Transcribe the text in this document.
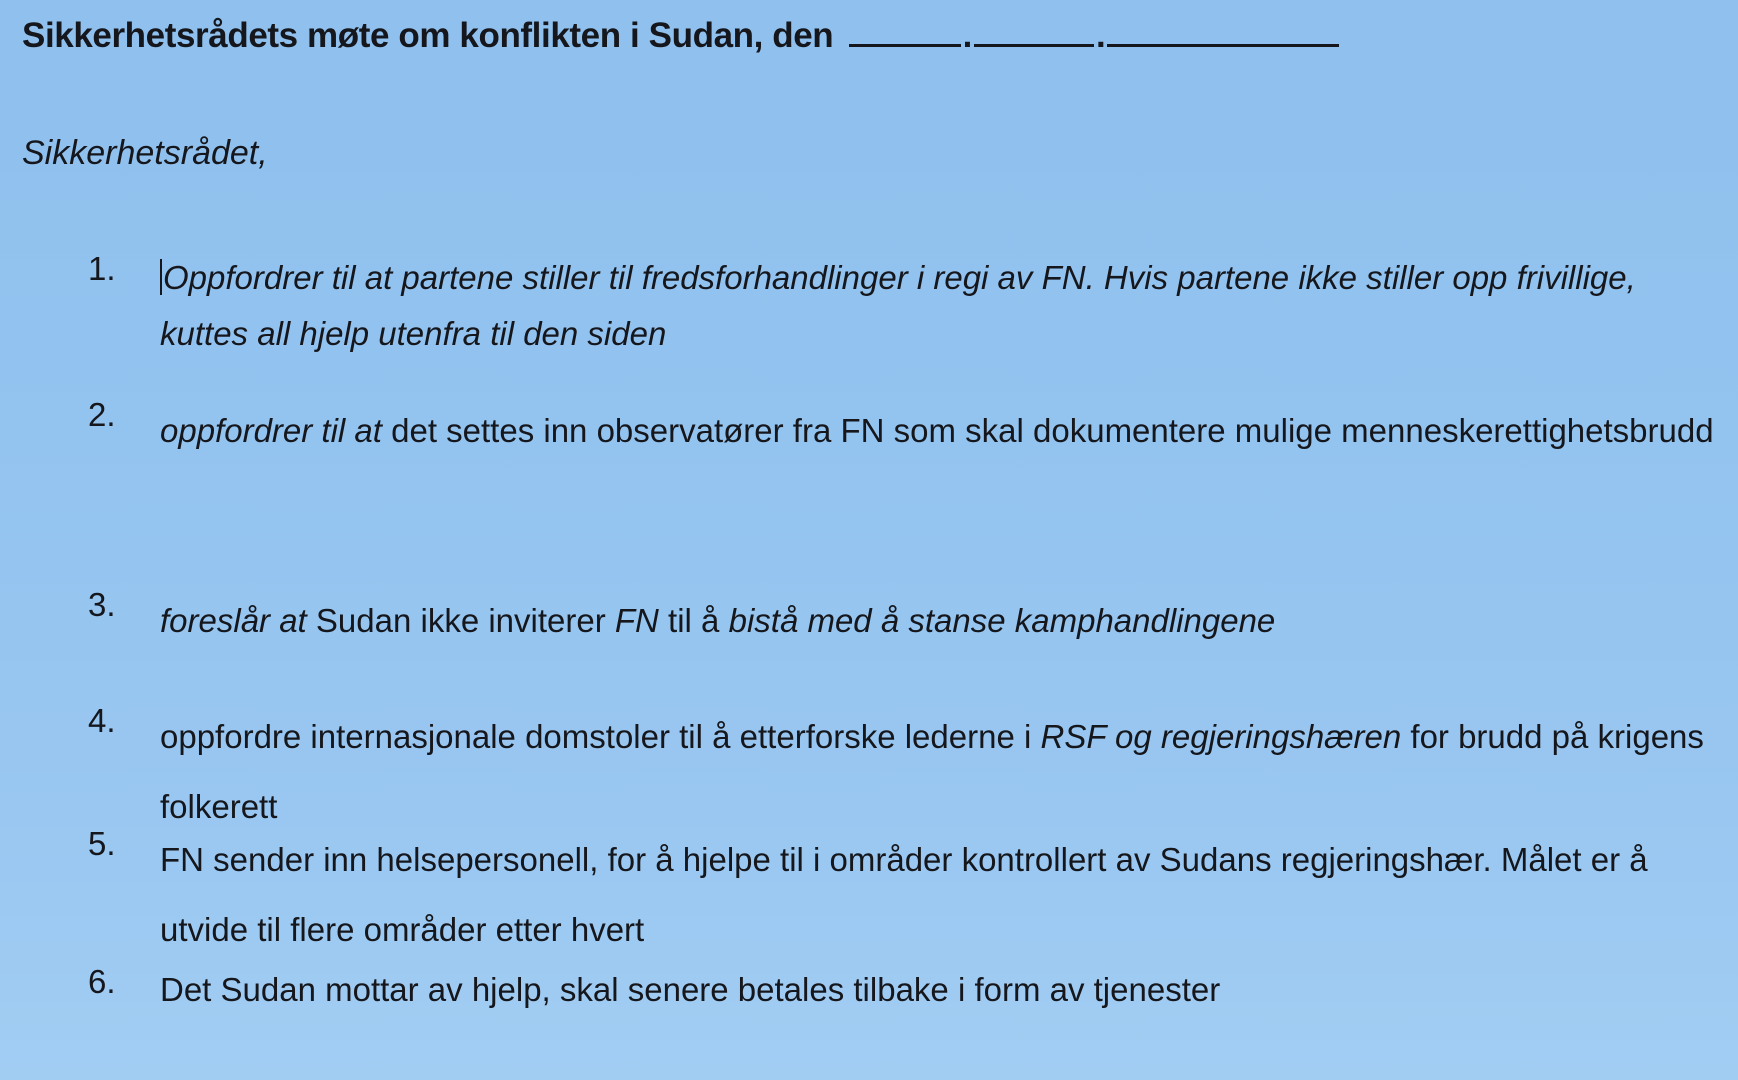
Sikkerhetsrådets møte om konflikten i Sudan, den	.	.
Sikkerhetsrådet,
1.	Oppfordrer til at partene stiller til fredsforhandlinger i regi av FN. Hvis partene ikke stiller opp frivillige, kuttes all hjelp utenfra til den siden
2.	oppfordrer til at det settes inn observatører fra FN som skal dokumentere mulige menneskerettighetsbrudd
3.	foreslår at Sudan ikke inviterer FN til å bistå med å stanse kamphandlingene
4.	oppfordre internasjonale domstoler til å etterforske lederne i RSF og regjeringshæren for brudd på krigens folkerett
5.	FN sender inn helsepersonell, for å hjelpe til i områder kontrollert av Sudans regjeringshær. Målet er å utvide til flere områder etter hvert
6.	Det Sudan mottar av hjelp, skal senere betales tilbake i form av tjenester
